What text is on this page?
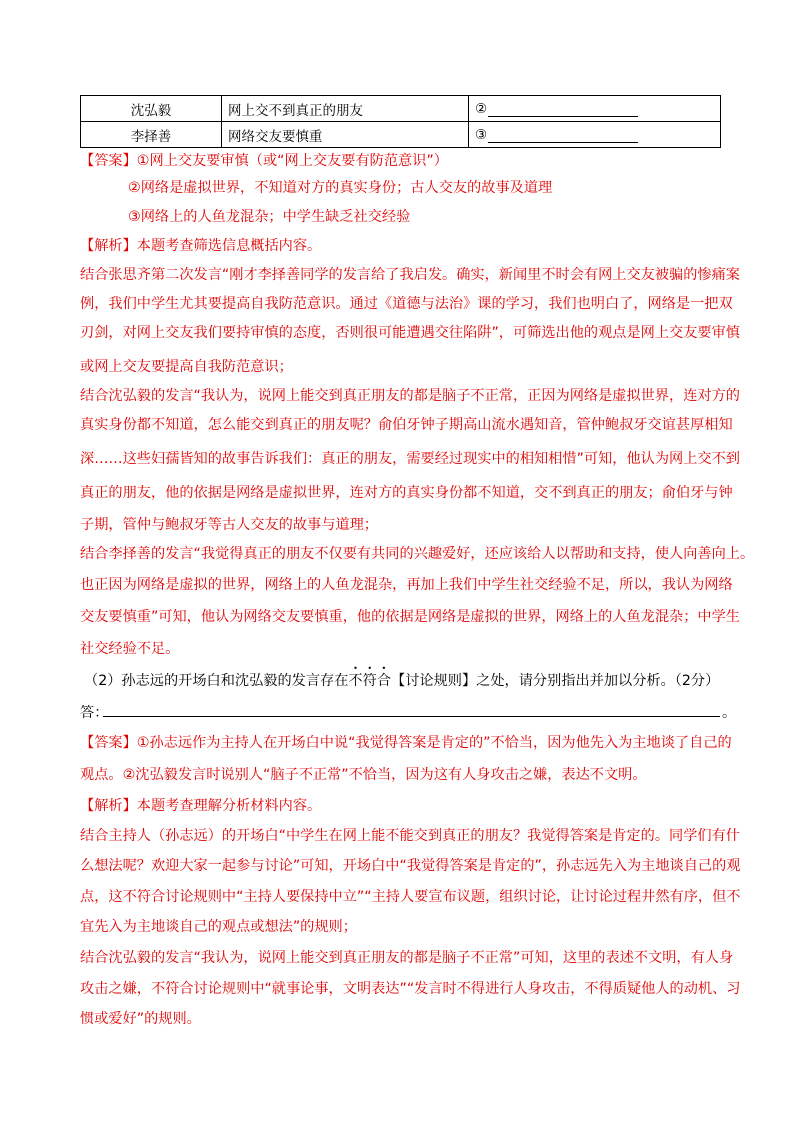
沈弘毅	网上交不到真正的朋友	②
李择善	网络交友要慎重	③
【答案】①网上交友要审慎（或“网上交友要有防范意识”）
②网络是虚拟世界，不知道对方的真实身份；古人交友的故事及道理
③网络上的人鱼龙混杂；中学生缺乏社交经验
【解析】本题考查筛选信息概括内容。
结合张思齐第二次发言“刚才李择善同学的发言给了我启发。确实，新闻里不时会有网上交友被骗的惨痛案
例，我们中学生尤其要提高自我防范意识。通过《道德与法治》课的学习，我们也明白了，网络是一把双
刃剑，对网上交友我们要持审慎的态度，否则很可能遭遇交往陷阱”，可筛选出他的观点是网上交友要审慎
或网上交友要提高自我防范意识；
结合沈弘毅的发言“我认为，说网上能交到真正朋友的都是脑子不正常，正因为网络是虚拟世界，连对方的
真实身份都不知道，怎么能交到真正的朋友呢？俞伯牙钟子期高山流水遇知音，管仲鲍叔牙交谊甚厚相知
深……这些妇孺皆知的故事告诉我们：真正的朋友，需要经过现实中的相知相惜”可知，他认为网上交不到
真正的朋友，他的依据是网络是虚拟世界，连对方的真实身份都不知道，交不到真正的朋友；俞伯牙与钟
子期，管仲与鲍叔牙等古人交友的故事与道理；
结合李择善的发言“我觉得真正的朋友不仅要有共同的兴趣爱好，还应该给人以帮助和支持，使人向善向上。
也正因为网络是虚拟的世界，网络上的人鱼龙混杂，再加上我们中学生社交经验不足，所以，我认为网络
交友要慎重”可知，他认为网络交友要慎重，他的依据是网络是虚拟的世界，网络上的人鱼龙混杂；中学生
社交经验不足。
（2）孙志远的开场白和沈弘毅的发言存在不符合【讨论规则】之处，请分别指出并加以分析。（2分）
答：	。
【答案】①孙志远作为主持人在开场白中说“我觉得答案是肯定的”不恰当，因为他先入为主地谈了自己的
观点。②沈弘毅发言时说别人“脑子不正常”不恰当，因为这有人身攻击之嫌，表达不文明。
【解析】本题考查理解分析材料内容。
结合主持人（孙志远）的开场白“中学生在网上能不能交到真正的朋友？我觉得答案是肯定的。同学们有什
么想法呢？欢迎大家一起参与讨论”可知，开场白中“我觉得答案是肯定的”，孙志远先入为主地谈自己的观
点，这不符合讨论规则中“主持人要保持中立”“主持人要宣布议题，组织讨论，让讨论过程井然有序，但不
宜先入为主地谈自己的观点或想法”的规则；
结合沈弘毅的发言“我认为，说网上能交到真正朋友的都是脑子不正常”可知，这里的表述不文明，有人身
攻击之嫌，不符合讨论规则中“就事论事，文明表达”“发言时不得进行人身攻击，不得质疑他人的动机、习
惯或爱好”的规则。
